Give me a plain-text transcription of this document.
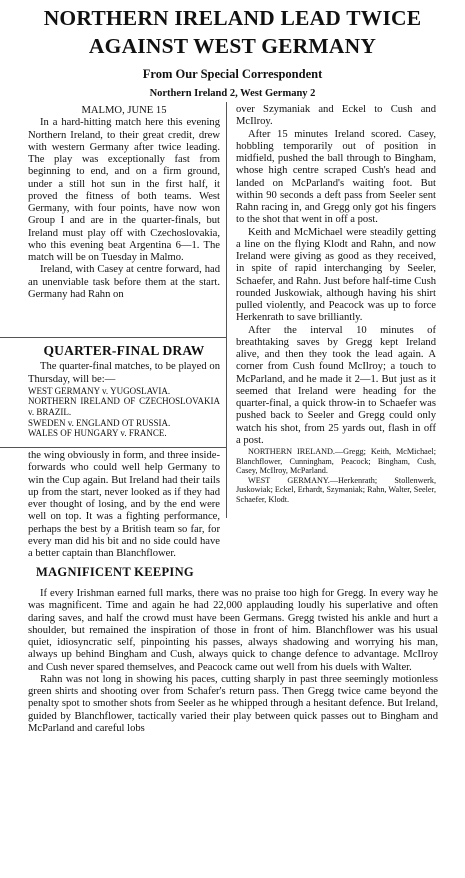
NORTHERN IRELAND LEAD TWICE
AGAINST WEST GERMANY
From Our Special Correspondent
Northern Ireland 2, West Germany 2

MALMO, JUNE 15

In a hard-hitting match here this evening Northern Ireland, to their great credit, drew with western Germany after twice leading. The play was exceptionally fast from beginning to end, and on a firm ground, under a still hot sun in the first half, it proved the fitness of both teams. West Germany, with four points, have now won Group I and are in the quarter-finals, but Ireland must play off with Czechoslovakia, who this evening beat Argentina 6—1. The match will be on Tuesday in Malmo.

Ireland, with Casey at centre forward, had an unenviable task before them at the start. Germany had Rahn on

QUARTER-FINAL DRAW

The quarter-final matches, to be played on Thursday, will be:—

WEST GERMANY v. YUGOSLAVIA.

NORTHERN IRELAND OF CZECHOSLOVAKIA v. BRAZIL.

SWEDEN v. ENGLAND OT RUSSIA.

WALES OF HUNGARY v. FRANCE.

over Szymaniak and Eckel to Cush and McIlroy.

After 15 minutes Ireland scored. Casey, hobbling temporarily out of position in midfield, pushed the ball through to Bingham, whose high centre scraped Cush's head and landed on McParland's waiting foot. But within 90 seconds a deft pass from Seeler sent Rahn racing in, and Gregg only got his fingers to the shot that went in off a post.

Keith and McMichael were steadily getting a line on the flying Klodt and Rahn, and now Ireland were giving as good as they received, in spite of rapid interchanging by Seeler, Schaefer, and Rahn. Just before half-time Cush rounded Juskowiak, although having his shirt pulled violently, and Peacock was up to force Herkenrath to save brilliantly.

After the interval 10 minutes of breathtaking saves by Gregg kept Ireland alive, and then they took the lead again. A corner from Cush found McIlroy; a touch to McParland, and he made it 2—1. But just as it seemed that Ireland were heading for the quarter-final, a quick throw-in to Schaefer was pushed back to Seeler and Gregg could only watch his shot, from 25 yards out, flash in off a post.

NORTHERN IRELAND.—Gregg; Keith, McMichael; Blanchflower, Cunningham, Peacock; Bingham, Cush, Casey, McIlroy, McParland.

WEST GERMANY.—Herkenrath; Stollenwerk, Juskowiak; Eckel, Erhardt, Szymaniak; Rahn, Walter, Seeler, Schaefer, Klodt.

the wing obviously in form, and three inside-forwards who could well help Germany to win the Cup again. But Ireland had their tails up from the start, never looked as if they had ever thought of losing, and by the end were well on top. It was a fighting performance, perhaps the best by a British team so far, for every man did his bit and no side could have a better captain than Blanchflower.

MAGNIFICENT KEEPING

If every Irishman earned full marks, there was no praise too high for Gregg. In every way he was magnificent. Time and again he had 22,000 applauding loudly his superlative and often daring saves, and half the crowd must have been Germans. Gregg twisted his ankle and hurt a shoulder, but remained the inspiration of those in front of him. Blanchflower was his usual quiet, idiosyncratic self, pinpointing his passes, always shadowing and worrying his man, always up behind Bingham and Cush, always quick to change defence to advantage. McIlroy and Cush never spared themselves, and Peacock came out well from his duels with Walter.

Rahn was not long in showing his paces, cutting sharply in past three seemingly motionless green shirts and shooting over from Schafer's return pass. Then Gregg twice came beyond the penalty spot to smother shots from Seeler as he whipped through a hesitant defence. But Ireland, guided by Blanchflower, tactically varied their play between quick passes out to Bingham and McParland and careful lobs
